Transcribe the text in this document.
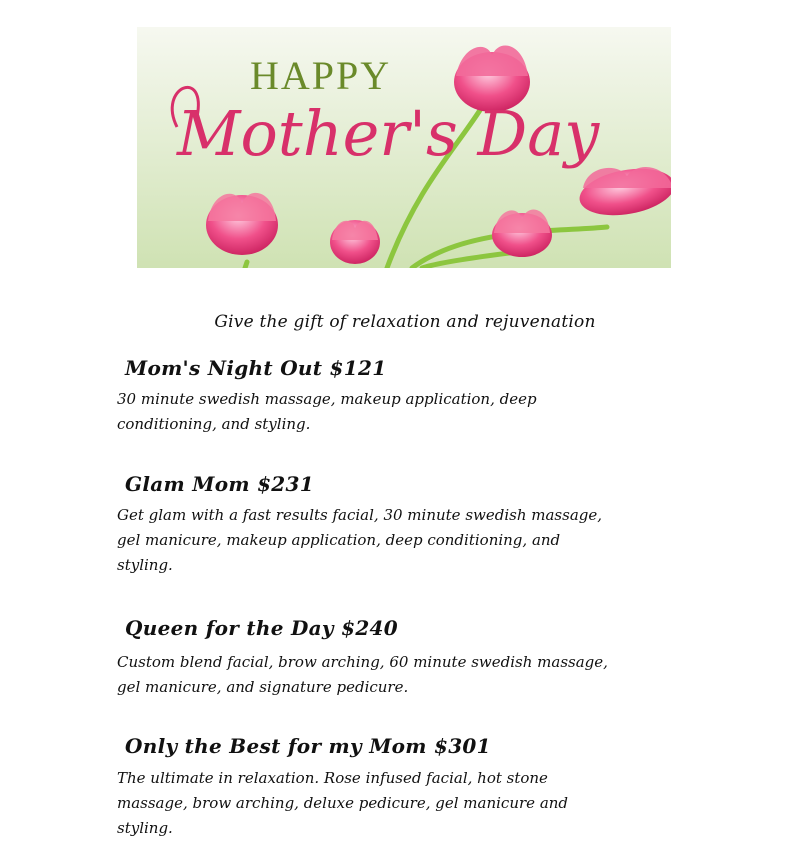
HAPPY
Mother's Day
Give the gift of relaxation and rejuvenation
Mom's Night Out $121
30 minute swedish massage, makeup application, deep
conditioning, and styling.
Glam Mom $231
Get glam with a fast results facial, 30 minute swedish massage,
gel manicure, makeup application, deep conditioning, and
styling.
Queen for the Day $240
Custom blend facial, brow arching, 60 minute swedish massage,
gel manicure, and signature pedicure.
Only the Best for my Mom $301
The ultimate in relaxation. Rose infused facial, hot stone
massage, brow arching, deluxe pedicure, gel manicure and
styling.
